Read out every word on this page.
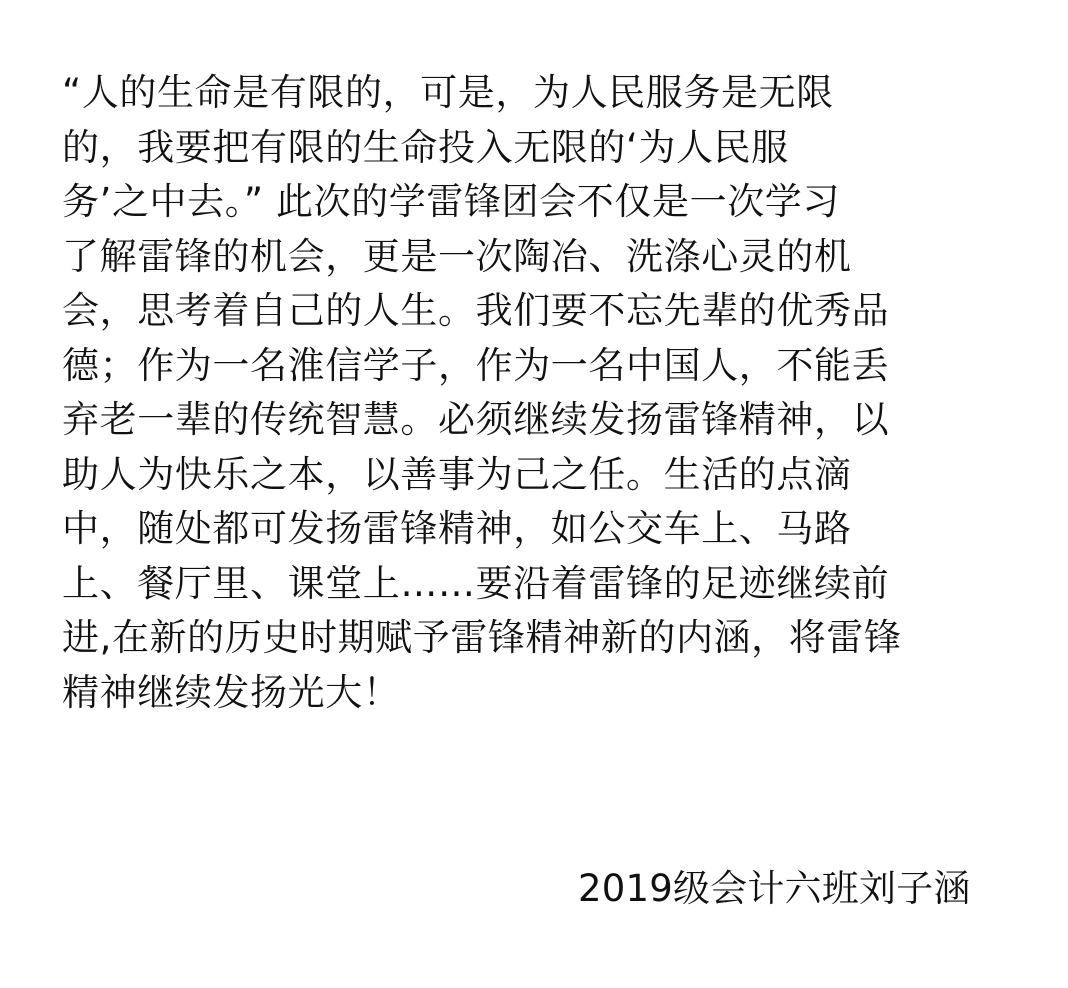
“人的生命是有限的，可是，为人民服务是无限
的，我要把有限的生命投入无限的‘为人民服
务’之中去。” 此次的学雷锋团会不仅是一次学习
了解雷锋的机会，更是一次陶冶、洗涤心灵的机
会，思考着自己的人生。我们要不忘先辈的优秀品
德；作为一名淮信学子，作为一名中国人，不能丢
弃老一辈的传统智慧。必须继续发扬雷锋精神，以
助人为快乐之本，以善事为己之任。生活的点滴
中，随处都可发扬雷锋精神，如公交车上、马路
上、餐厅里、课堂上……要沿着雷锋的足迹继续前
进,在新的历史时期赋予雷锋精神新的内涵，将雷锋
精神继续发扬光大！
2019级会计六班刘子涵
